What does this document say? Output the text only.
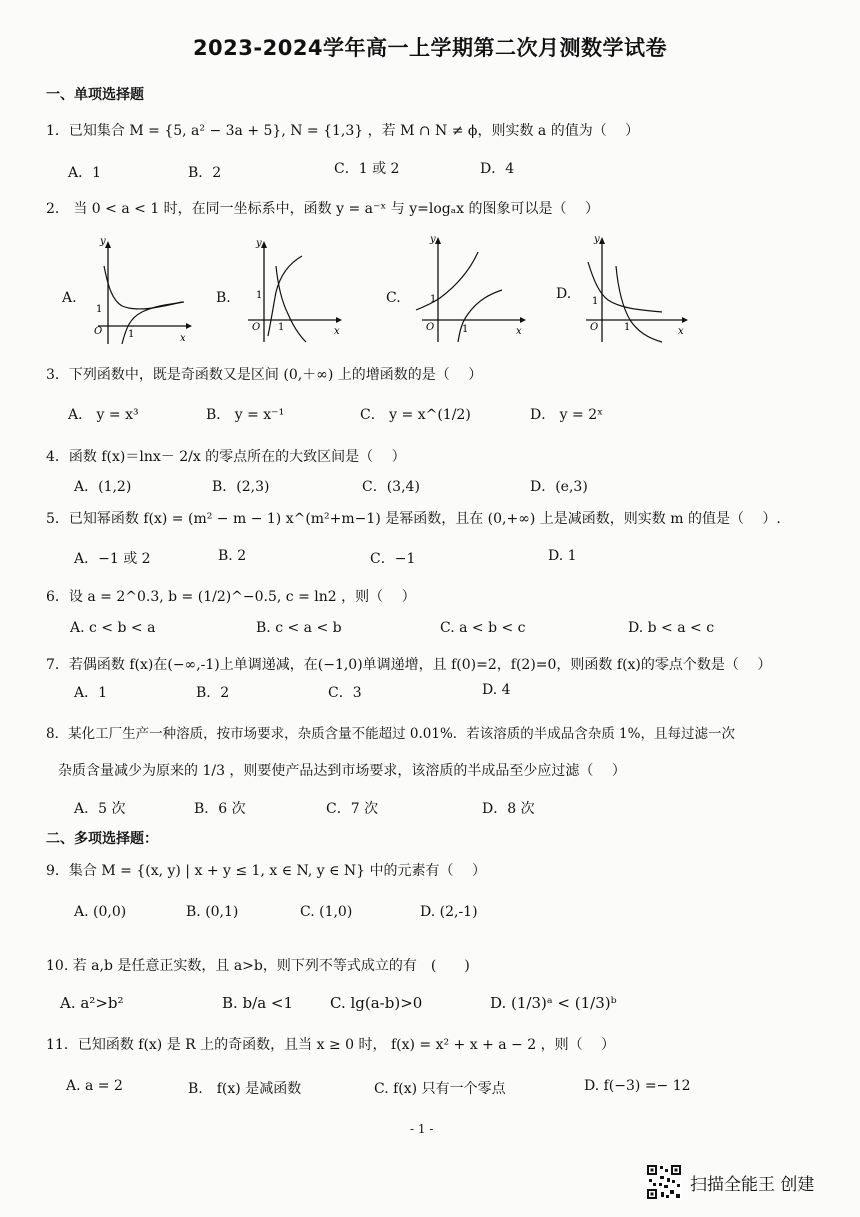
2023-2024学年高一上学期第二次月测数学试卷
一、单项选择题
1．已知集合 M = {5, a² − 3a + 5}, N = {1,3} ，若 M ∩ N ≠ ϕ，则实数 a 的值为（　 ）
A．1	B．2	C．1 或 2	D．4
2． 当 0 < a < 1 时，在同一坐标系中，函数 y = a⁻ˣ 与 y=logₐx 的图象可以是（　 ）
A.
y
x
O
1
1
B.
y
x
O
1
1
C.
y
x
O
1
1
D.
y
x
O
1
1
3．下列函数中，既是奇函数又是区间 (0,＋∞) 上的增函数的是（　 ）
A． y = x³	B． y = x⁻¹	C． y = x^(1/2)	D． y = 2ˣ
4．函数 f(x)＝lnx－ 2/x 的零点所在的大致区间是（　 ）
A．(1,2)	B．(2,3)	C．(3,4)	D．(e,3)
5．已知幂函数 f(x) = (m² − m − 1) x^(m²+m−1) 是幂函数，且在 (0,+∞) 上是减函数，则实数 m 的值是（　 ）.
A．−1 或 2	B. 2	C．−1	D. 1
6．设 a = 2^0.3, b = (1/2)^−0.5, c = ln2 ，则（　 ）
A. c < b < a	B. c < a < b	C. a < b < c	D. b < a < c
7．若偶函数 f(x)在(−∞,-1)上单调递减，在(−1,0)单调递增，且 f(0)=2，f(2)=0，则函数 f(x)的零点个数是（　 ）
A．1	B．2	C．3	D. 4
8．某化工厂生产一种溶质，按市场要求，杂质含量不能超过 0.01%．若该溶质的半成品含杂质 1%，且每过滤一次
杂质含量减少为原来的 1/3 ，则要使产品达到市场要求，该溶质的半成品至少应过滤（　 ）
A．5 次	B．6 次	C．7 次	D．8 次
二、多项选择题：
9．集合 M = {(x, y) | x + y ≤ 1, x ∈ N, y ∈ N} 中的元素有（　 ）
A. (0,0)	B. (0,1)	C. (1,0)	D. (2,-1)
10. 若 a,b 是任意正实数，且 a>b，则下列不等式成立的有　(　　)
A. a²>b²	B. b/a <1 C. lg(a-b)>0	D. (1/3)ᵃ < (1/3)ᵇ
11．已知函数 f(x) 是 R 上的奇函数，且当 x ≥ 0 时， f(x) = x² + x + a − 2 ，则（　 ）
A. a = 2	B.　f(x) 是减函数	C. f(x) 只有一个零点	D. f(−3) =− 12
- 1 -
扫描全能王 创建
